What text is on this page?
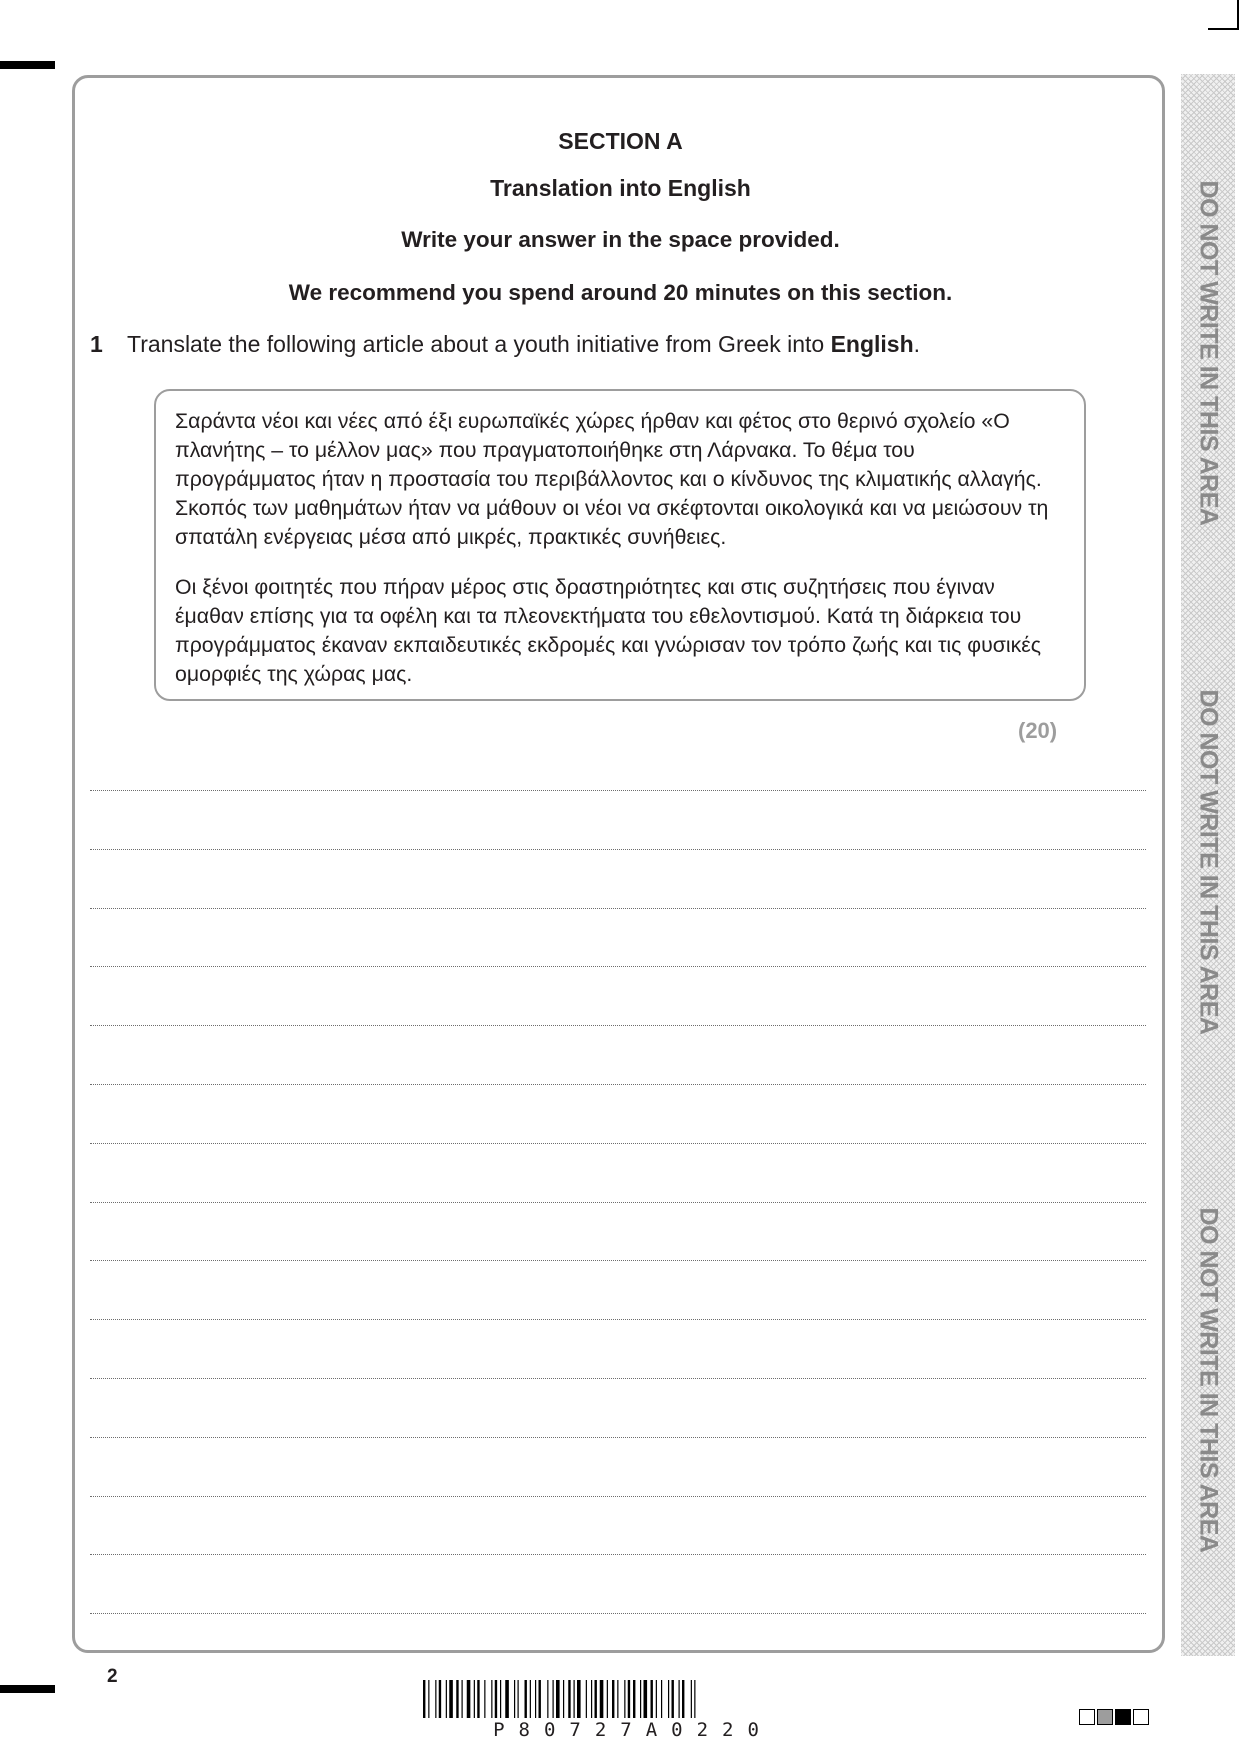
SECTION A
Translation into English
Write your answer in the space provided.
We recommend you spend around 20 minutes on this section.
1 Translate the following article about a youth initiative from Greek into English.

Σαράντα νέοι και νέες από έξι ευρωπαϊκές χώρες ήρθαν και φέτος στο θερινό σχολείο «Ο πλανήτης – το μέλλον μας» που πραγματοποιήθηκε στη Λάρνακα. Το θέμα του προγράμματος ήταν η προστασία του περιβάλλοντος και ο κίνδυνος της κλιματικής αλλαγής. Σκοπός των μαθημάτων ήταν να μάθουν οι νέοι να σκέφτονται οικολογικά και να μειώσουν τη σπατάλη ενέργειας μέσα από μικρές, πρακτικές συνήθειες.

Οι ξένοι φοιτητές που πήραν μέρος στις δραστηριότητες και στις συζητήσεις που έγιναν έμαθαν επίσης για τα οφέλη και τα πλεονεκτήματα του εθελοντισμού. Κατά τη διάρκεια του προγράμματος έκαναν εκπαιδευτικές εκδρομές και γνώρισαν τον τρόπο ζωής και τις φυσικές ομορφιές της χώρας μας.

(20)
DO NOT WRITE IN THIS AREA
DO NOT WRITE IN THIS AREA
DO NOT WRITE IN THIS AREA
2
P80727A0220
